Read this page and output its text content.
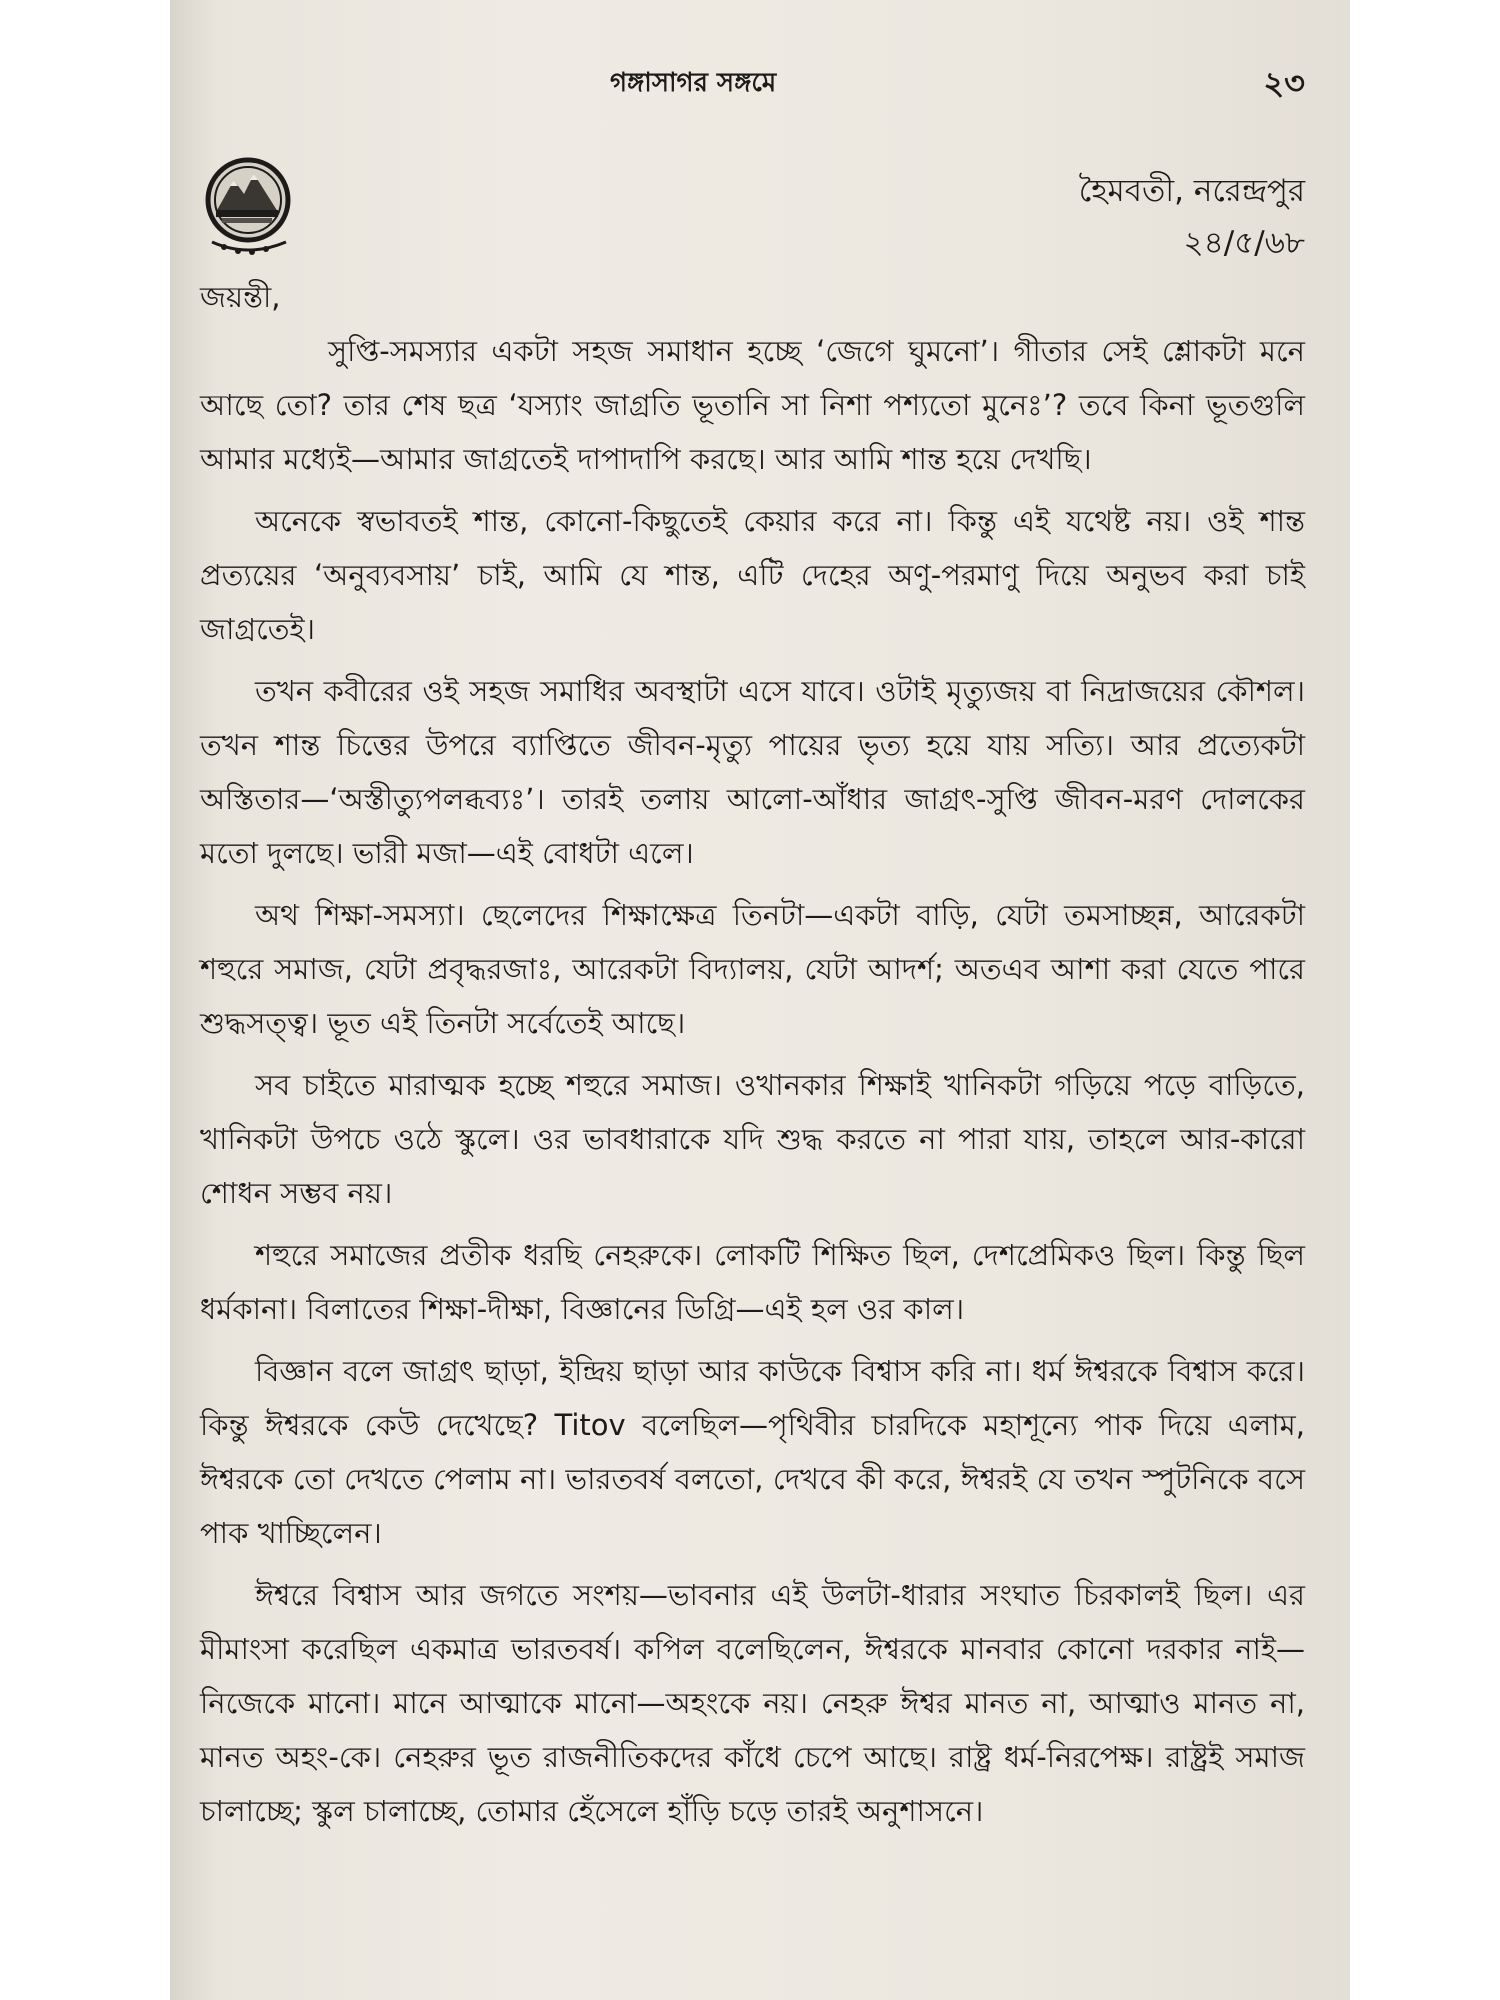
গঙ্গাসাগর সঙ্গমে	২৩
হৈমবতী, নরেন্দ্রপুর
২৪/৫/৬৮
জয়ন্তী,

সুপ্তি-সমস্যার একটা সহজ সমাধান হচ্ছে ‘জেগে ঘুমনো’। গীতার সেই শ্লোকটা মনে আছে তো? তার শেষ ছত্র ‘যস্যাং জাগ্রতি ভূতানি সা নিশা পশ্যতো মুনেঃ’? তবে কিনা ভূতগুলি আমার মধ্যেই—আমার জাগ্রতেই দাপাদাপি করছে। আর আমি শান্ত হয়ে দেখছি।

অনেকে স্বভাবতই শান্ত, কোনো-কিছুতেই কেয়ার করে না। কিন্তু এই যথেষ্ট নয়। ওই শান্ত প্রত্যয়ের ‘অনুব্যবসায়’ চাই, আমি যে শান্ত, এটি দেহের অণু-পরমাণু দিয়ে অনুভব করা চাই জাগ্রতেই।

তখন কবীরের ওই সহজ সমাধির অবস্থাটা এসে যাবে। ওটাই মৃত্যুজয় বা নিদ্রাজয়ের কৌশল। তখন শান্ত চিত্তের উপরে ব্যাপ্তিতে জীবন-মৃত্যু পায়ের ভৃত্য হয়ে যায় সত্যি। আর প্রত্যেকটা অস্তিতার—‘অস্তীত্যুপলব্ধব্যঃ’। তারই তলায় আলো-আঁধার জাগ্রৎ-সুপ্তি জীবন-মরণ দোলকের মতো দুলছে। ভারী মজা—এই বোধটা এলে।

অথ শিক্ষা-সমস্যা। ছেলেদের শিক্ষাক্ষেত্র তিনটা—একটা বাড়ি, যেটা তমসাচ্ছন্ন, আরেকটা শহুরে সমাজ, যেটা প্রবৃদ্ধরজাঃ, আরেকটা বিদ্যালয়, যেটা আদর্শ; অতএব আশা করা যেতে পারে শুদ্ধসত্ত্ব। ভূত এই তিনটা সর্বেতেই আছে।

সব চাইতে মারাত্মক হচ্ছে শহুরে সমাজ। ওখানকার শিক্ষাই খানিকটা গড়িয়ে পড়ে বাড়িতে, খানিকটা উপচে ওঠে স্কুলে। ওর ভাবধারাকে যদি শুদ্ধ করতে না পারা যায়, তাহলে আর-কারো শোধন সম্ভব নয়।

শহুরে সমাজের প্রতীক ধরছি নেহরুকে। লোকটি শিক্ষিত ছিল, দেশপ্রেমিকও ছিল। কিন্তু ছিল ধর্মকানা। বিলাতের শিক্ষা-দীক্ষা, বিজ্ঞানের ডিগ্রি—এই হল ওর কাল।

বিজ্ঞান বলে জাগ্রৎ ছাড়া, ইন্দ্রিয় ছাড়া আর কাউকে বিশ্বাস করি না। ধর্ম ঈশ্বরকে বিশ্বাস করে। কিন্তু ঈশ্বরকে কেউ দেখেছে? Titov বলেছিল—পৃথিবীর চারদিকে মহাশূন্যে পাক দিয়ে এলাম, ঈশ্বরকে তো দেখতে পেলাম না। ভারতবর্ষ বলতো, দেখবে কী করে, ঈশ্বরই যে তখন স্পুটনিকে বসে পাক খাচ্ছিলেন।

ঈশ্বরে বিশ্বাস আর জগতে সংশয়—ভাবনার এই উলটা-ধারার সংঘাত চিরকালই ছিল। এর মীমাংসা করেছিল একমাত্র ভারতবর্ষ। কপিল বলেছিলেন, ঈশ্বরকে মানবার কোনো দরকার নাই—নিজেকে মানো। মানে আত্মাকে মানো—অহংকে নয়। নেহরু ঈশ্বর মানত না, আত্মাও মানত না, মানত অহং-কে। নেহরুর ভূত রাজনীতিকদের কাঁধে চেপে আছে। রাষ্ট্র ধর্ম-নিরপেক্ষ। রাষ্ট্রই সমাজ চালাচ্ছে; স্কুল চালাচ্ছে, তোমার হেঁসেলে হাঁড়ি চড়ে তারই অনুশাসনে।
